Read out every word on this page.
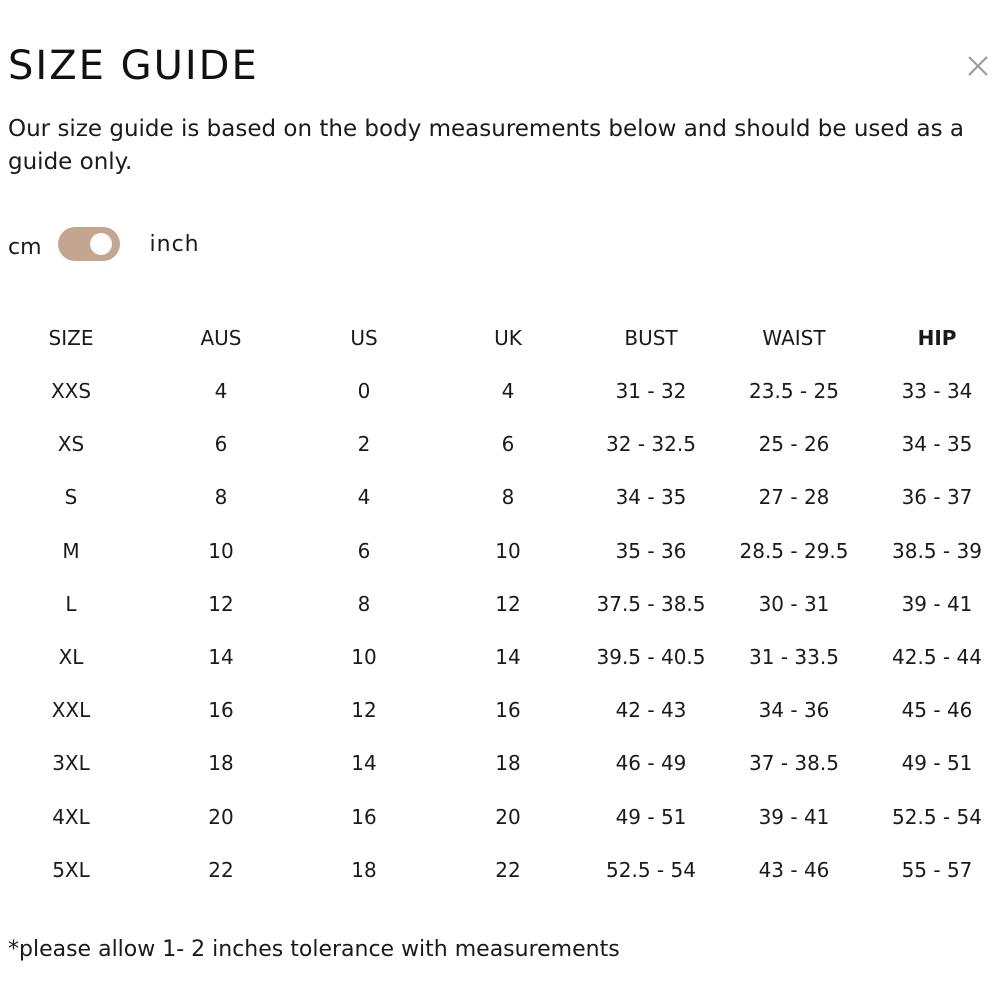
SIZE GUIDE

Our size guide is based on the body measurements below and should be used as a guide only.

cm	inch
SIZE	AUS	US	UK	BUST	WAIST	HIP
XXS	4	0	4	31 - 32	23.5 - 25	33 - 34
XS	6	2	6	32 - 32.5	25 - 26	34 - 35
S	8	4	8	34 - 35	27 - 28	36 - 37
M	10	6	10	35 - 36	28.5 - 29.5	38.5 - 39
L	12	8	12	37.5 - 38.5	30 - 31	39 - 41
XL	14	10	14	39.5 - 40.5	31 - 33.5	42.5 - 44
XXL	16	12	16	42 - 43	34 - 36	45 - 46
3XL	18	14	18	46 - 49	37 - 38.5	49 - 51
4XL	20	16	20	49 - 51	39 - 41	52.5 - 54
5XL	22	18	22	52.5 - 54	43 - 46	55 - 57

*please allow 1- 2 inches tolerance with measurements
